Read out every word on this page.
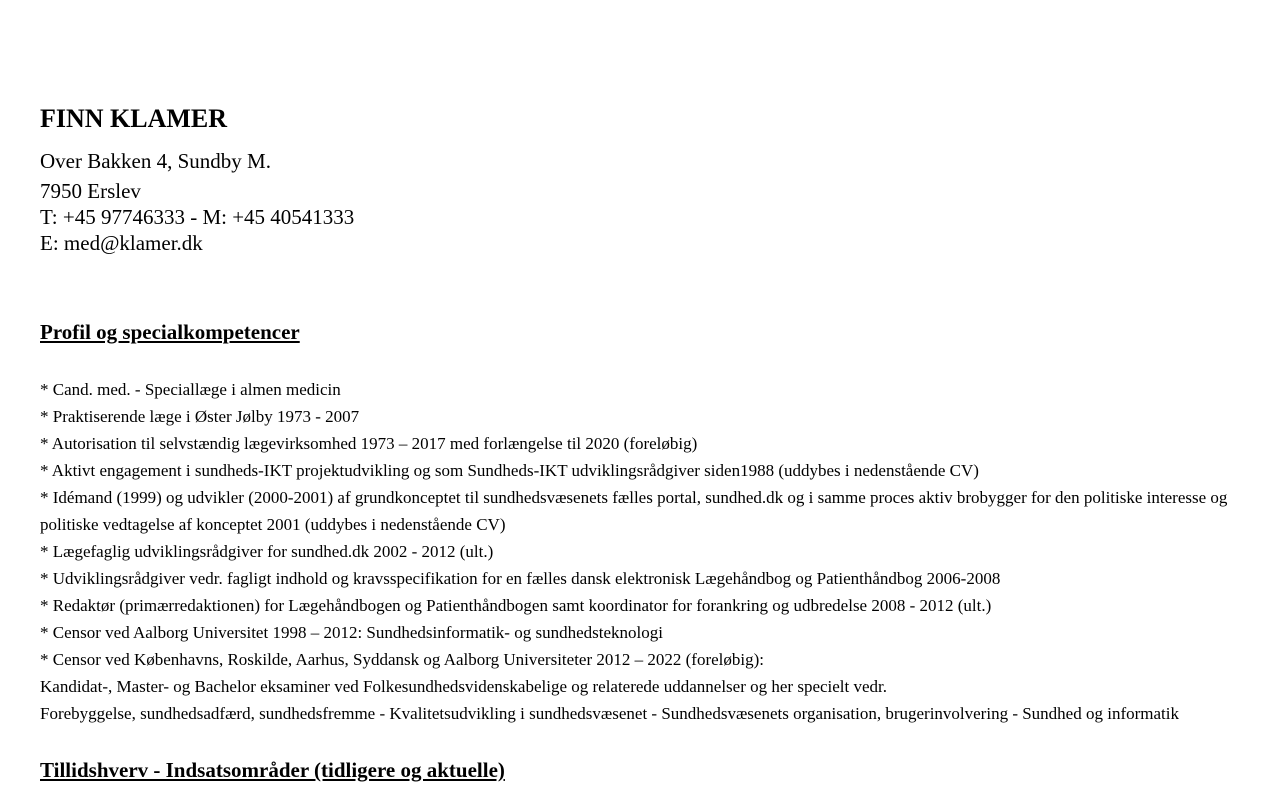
FINN KLAMER
Over Bakken 4, Sundby M.
7950 Erslev
T: +45 97746333 - M: +45 40541333
E: med@klamer.dk
Profil og specialkompetencer
* Cand. med. - Speciallæge i almen medicin
* Praktiserende læge i Øster Jølby 1973 - 2007
* Autorisation til selvstændig lægevirksomhed 1973 – 2017 med forlængelse til 2020 (foreløbig)
* Aktivt engagement i sundheds-IKT projektudvikling og som Sundheds-IKT udviklingsrådgiver siden1988 (uddybes i nedenstående CV)
* Idémand (1999) og udvikler (2000-2001) af grundkonceptet til sundhedsvæsenets fælles portal, sundhed.dk og i samme proces aktiv brobygger for den politiske interesse og politiske vedtagelse af konceptet 2001 (uddybes i nedenstående CV)
* Lægefaglig udviklingsrådgiver for sundhed.dk 2002 - 2012 (ult.)
* Udviklingsrådgiver vedr. fagligt indhold og kravsspecifikation for en fælles dansk elektronisk Lægehåndbog og Patienthåndbog 2006-2008
* Redaktør (primærredaktionen) for Lægehåndbogen og Patienthåndbogen samt koordinator for forankring og udbredelse 2008 - 2012 (ult.)
* Censor ved Aalborg Universitet 1998 – 2012: Sundhedsinformatik- og sundhedsteknologi
* Censor ved Københavns, Roskilde, Aarhus, Syddansk og Aalborg Universiteter 2012 – 2022 (foreløbig):
Kandidat-, Master- og Bachelor eksaminer ved Folkesundhedsvidenskabelige og relaterede uddannelser og her specielt vedr.
Forebyggelse, sundhedsadfærd, sundhedsfremme - Kvalitetsudvikling i sundhedsvæsenet - Sundhedsvæsenets organisation, brugerinvolvering - Sundhed og informatik
Tillidshverv - Indsatsområder (tidligere og aktuelle)
